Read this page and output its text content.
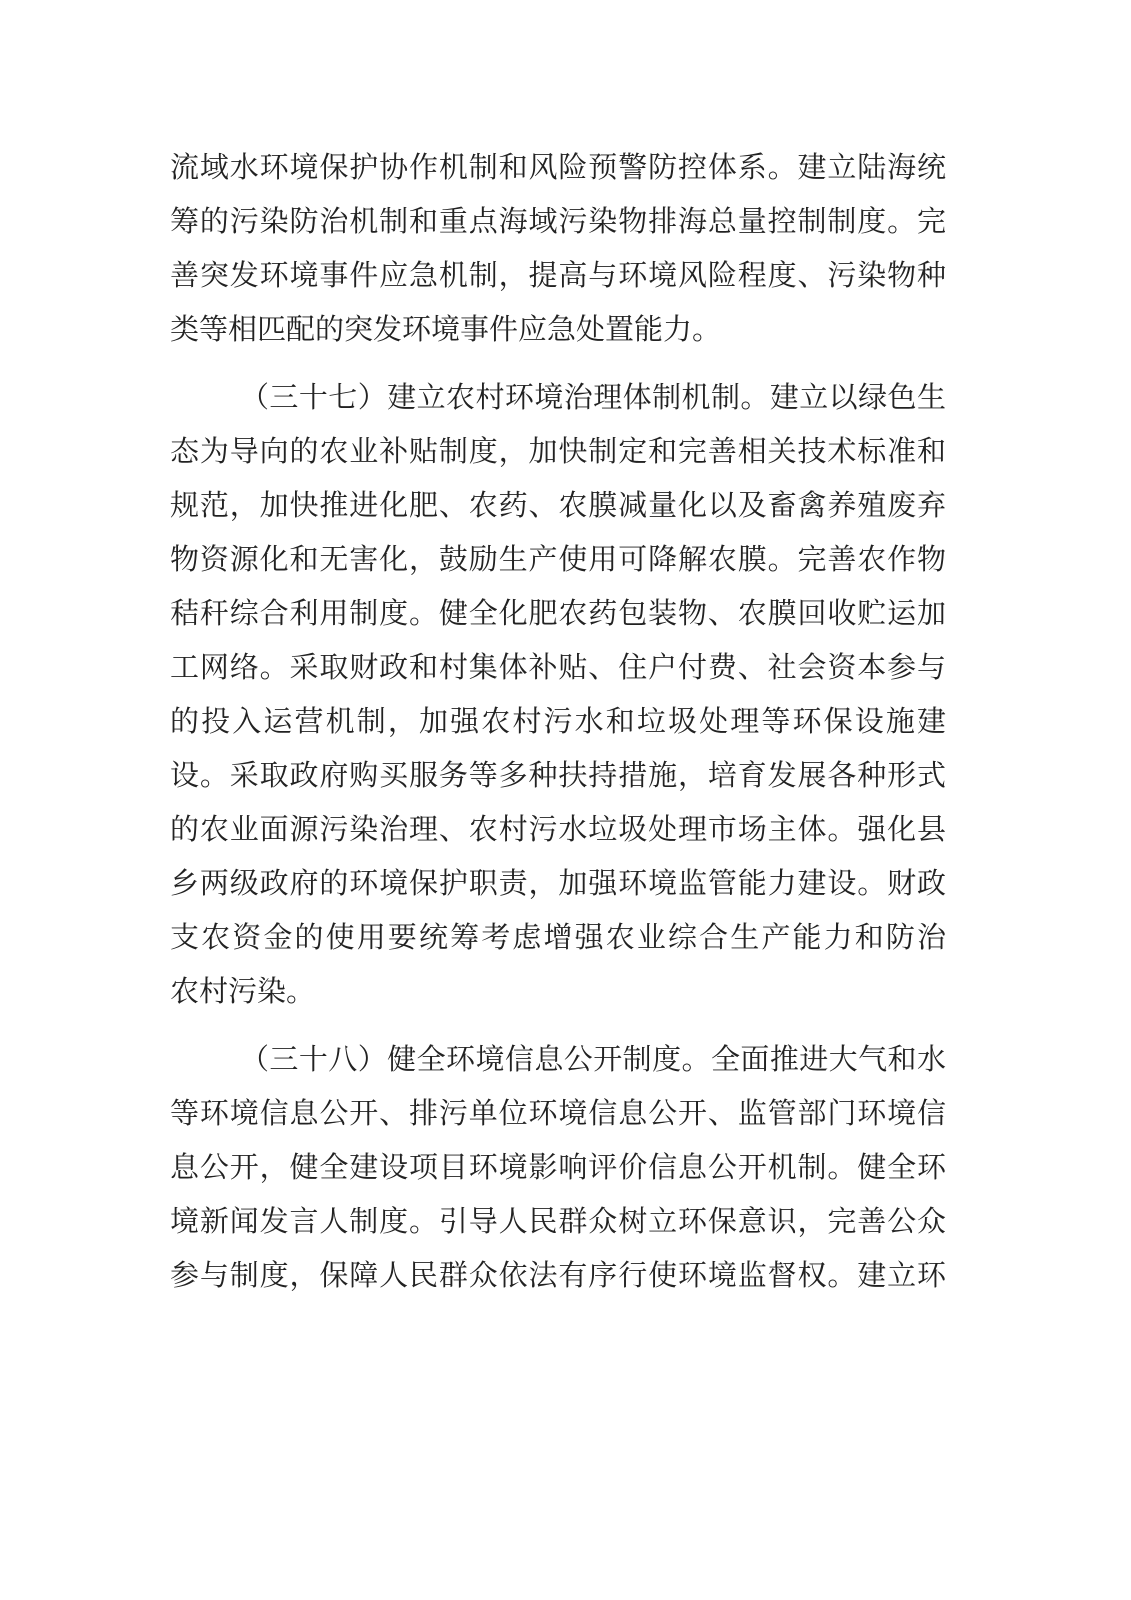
流域水环境保护协作机制和风险预警防控体系。建立陆海统
筹的污染防治机制和重点海域污染物排海总量控制制度。完
善突发环境事件应急机制，提高与环境风险程度、污染物种
类等相匹配的突发环境事件应急处置能力。
（三十七）建立农村环境治理体制机制。建立以绿色生
态为导向的农业补贴制度，加快制定和完善相关技术标准和
规范，加快推进化肥、农药、农膜减量化以及畜禽养殖废弃
物资源化和无害化，鼓励生产使用可降解农膜。完善农作物
秸秆综合利用制度。健全化肥农药包装物、农膜回收贮运加
工网络。采取财政和村集体补贴、住户付费、社会资本参与
的投入运营机制，加强农村污水和垃圾处理等环保设施建
设。采取政府购买服务等多种扶持措施，培育发展各种形式
的农业面源污染治理、农村污水垃圾处理市场主体。强化县
乡两级政府的环境保护职责，加强环境监管能力建设。财政
支农资金的使用要统筹考虑增强农业综合生产能力和防治
农村污染。
（三十八）健全环境信息公开制度。全面推进大气和水
等环境信息公开、排污单位环境信息公开、监管部门环境信
息公开，健全建设项目环境影响评价信息公开机制。健全环
境新闻发言人制度。引导人民群众树立环保意识，完善公众
参与制度，保障人民群众依法有序行使环境监督权。建立环
